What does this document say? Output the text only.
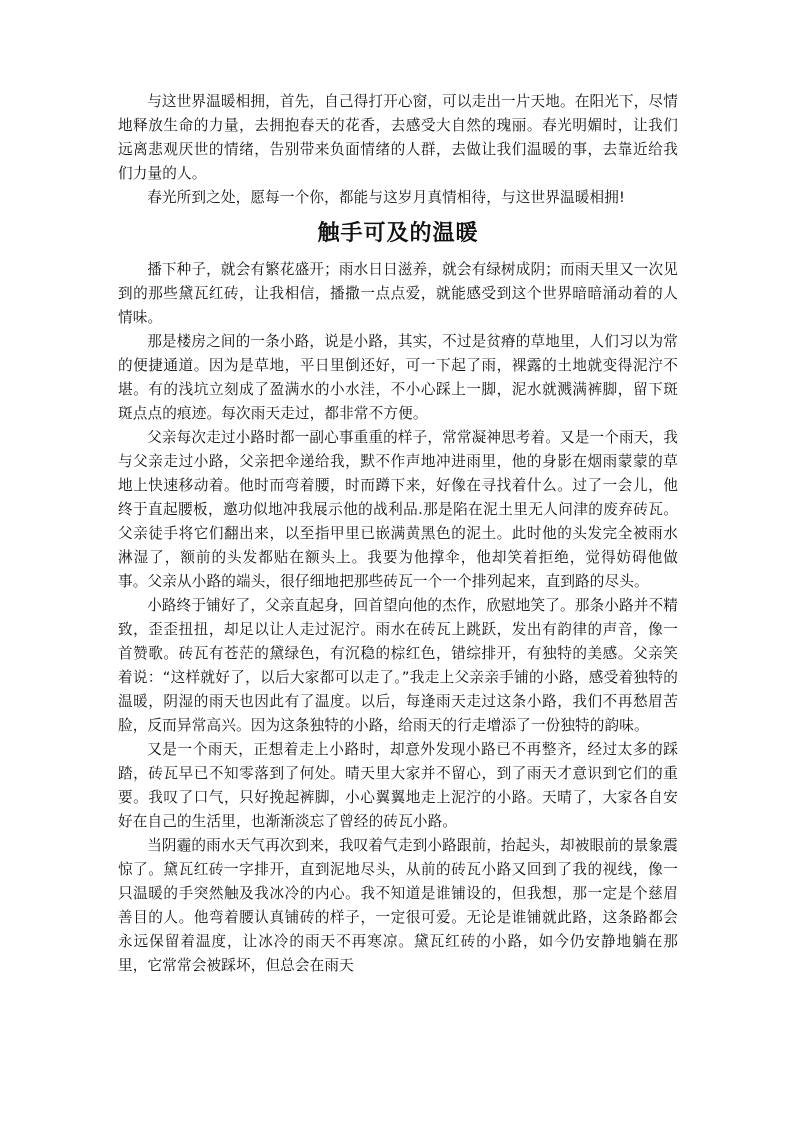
与这世界温暖相拥，首先，自己得打开心窗，可以走出一片天地。在阳光下，尽情地释放生命的力量，去拥抱春天的花香，去感受大自然的瑰丽。春光明媚时，让我们远离悲观厌世的情绪，告别带来负面情绪的人群，去做让我们温暖的事，去靠近给我们力量的人。

春光所到之处，愿每一个你，都能与这岁月真情相待，与这世界温暖相拥!

触手可及的温暖

播下种子，就会有繁花盛开；雨水日日滋养，就会有绿树成阴；而雨天里又一次见到的那些黛瓦红砖，让我相信，播撒一点点爱，就能感受到这个世界暗暗涌动着的人情味。

那是楼房之间的一条小路，说是小路，其实，不过是贫瘠的草地里，人们习以为常的便捷通道。因为是草地，平日里倒还好，可一下起了雨，裸露的土地就变得泥泞不堪。有的浅坑立刻成了盈满水的小水洼，不小心踩上一脚，泥水就溅满裤脚，留下斑斑点点的痕迹。每次雨天走过，都非常不方便。

父亲每次走过小路时都一副心事重重的样子，常常凝神思考着。又是一个雨天，我与父亲走过小路，父亲把伞递给我，默不作声地冲进雨里，他的身影在烟雨蒙蒙的草地上快速移动着。他时而弯着腰，时而蹲下来，好像在寻找着什么。过了一会儿，他终于直起腰板，邀功似地冲我展示他的战利品.那是陷在泥土里无人问津的废弃砖瓦。父亲徒手将它们翻出来，以至指甲里已嵌满黄黑色的泥土。此时他的头发完全被雨水淋湿了，额前的头发都贴在额头上。我要为他撑伞，他却笑着拒绝，觉得妨碍他做事。父亲从小路的端头，很仔细地把那些砖瓦一个一个排列起来，直到路的尽头。

小路终于铺好了，父亲直起身，回首望向他的杰作，欣慰地笑了。那条小路并不精致，歪歪扭扭，却足以让人走过泥泞。雨水在砖瓦上跳跃，发出有韵律的声音，像一首赞歌。砖瓦有苍茫的黛绿色，有沉稳的棕红色，错综排开，有独特的美感。父亲笑着说：“这样就好了，以后大家都可以走了。”我走上父亲亲手铺的小路，感受着独特的温暖，阴湿的雨天也因此有了温度。以后，每逢雨天走过这条小路，我们不再愁眉苦脸，反而异常高兴。因为这条独特的小路，给雨天的行走增添了一份独特的韵味。

又是一个雨天，正想着走上小路时，却意外发现小路已不再整齐，经过太多的踩踏，砖瓦早已不知零落到了何处。晴天里大家并不留心，到了雨天才意识到它们的重要。我叹了口气，只好挽起裤脚，小心翼翼地走上泥泞的小路。天晴了，大家各自安好在自己的生活里，也渐渐淡忘了曾经的砖瓦小路。

当阴霾的雨水天气再次到来，我叹着气走到小路跟前，抬起头，却被眼前的景象震惊了。黛瓦红砖一字排开，直到泥地尽头，从前的砖瓦小路又回到了我的视线，像一只温暖的手突然触及我冰冷的内心。我不知道是谁铺设的，但我想，那一定是个慈眉善目的人。他弯着腰认真铺砖的样子，一定很可爱。无论是谁铺就此路，这条路都会永远保留着温度，让冰冷的雨天不再寒凉。黛瓦红砖的小路，如今仍安静地躺在那里，它常常会被踩坏，但总会在雨天
